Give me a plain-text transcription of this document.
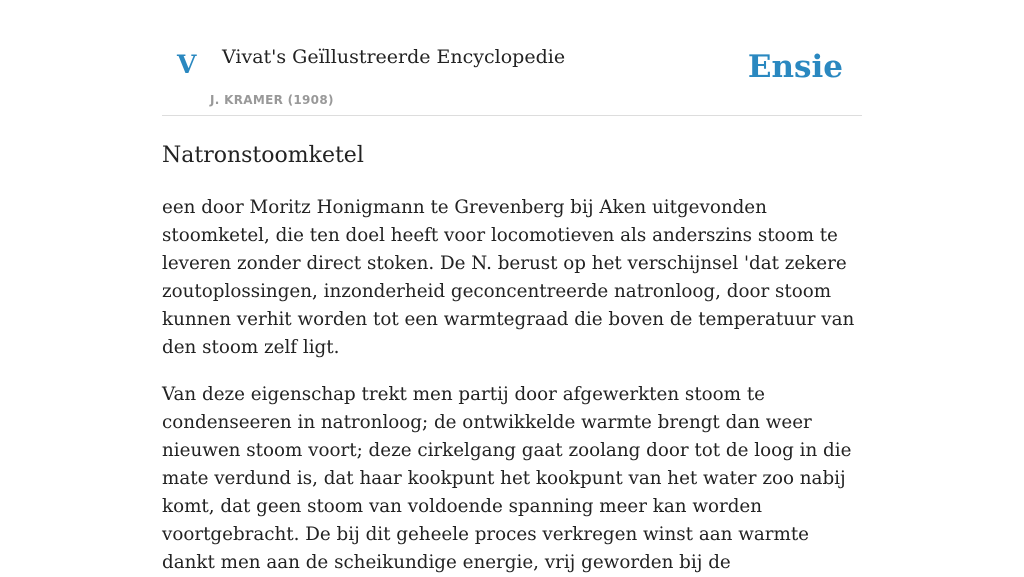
V Vivat's Geïllustreerde Encyclopedie
J. KRAMER (1908)
Ensie
Natronstoomketel

een door Moritz Honigmann te Grevenberg bij Aken uitgevonden stoomketel, die ten doel heeft voor locomotieven als anderszins stoom te leveren zonder direct stoken. De N. berust op het verschijnsel 'dat zekere zoutoplossingen, inzonderheid geconcentreerde natronloog, door stoom kunnen verhit worden tot een warmtegraad die boven de temperatuur van den stoom zelf ligt.

Van deze eigenschap trekt men partij door afgewerkten stoom te condenseeren in natronloog; de ontwikkelde warmte brengt dan weer nieuwen stoom voort; deze cirkelgang gaat zoolang door tot de loog in die mate verdund is, dat haar kookpunt het kookpunt van het water zoo nabij komt, dat geen stoom van voldoende spanning meer kan worden voortgebracht. De bij dit geheele proces verkregen winst aan warmte dankt men aan de scheikundige energie, vrij geworden bij de
